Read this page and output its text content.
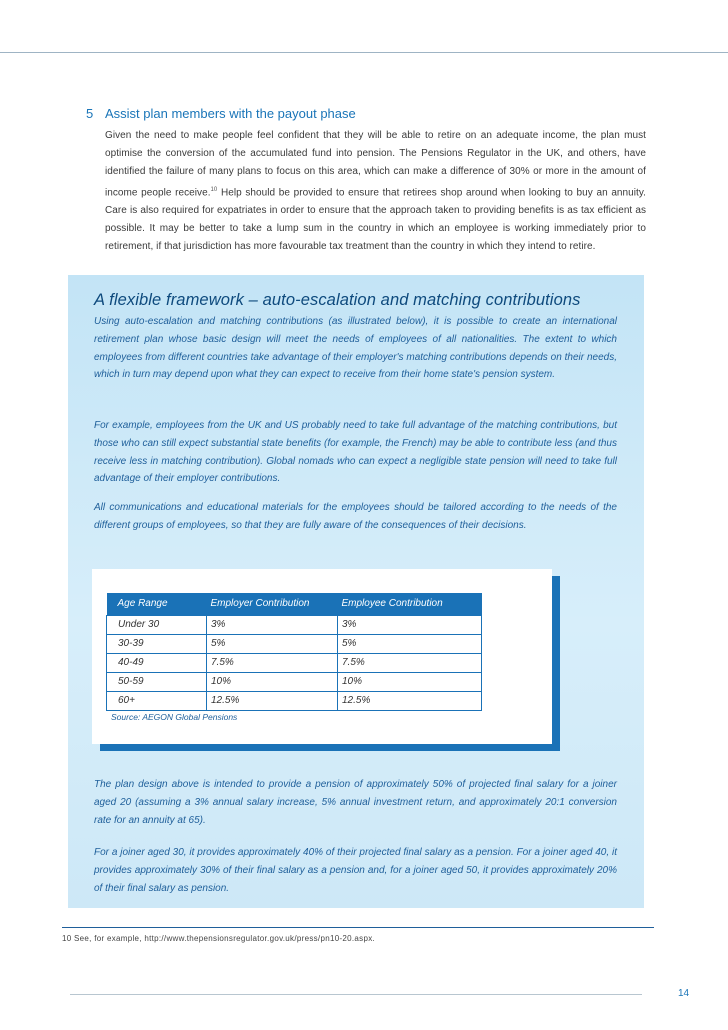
5 Assist plan members with the payout phase

Given the need to make people feel confident that they will be able to retire on an adequate income, the plan must optimise the conversion of the accumulated fund into pension. The Pensions Regulator in the UK, and others, have identified the failure of many plans to focus on this area, which can make a difference of 30% or more in the amount of income people receive.$^{10}$ Help should be provided to ensure that retirees shop around when looking to buy an annuity. Care is also required for expatriates in order to ensure that the approach taken to providing benefits is as tax efficient as possible. It may be better to take a lump sum in the country in which an employee is working immediately prior to retirement, if that jurisdiction has more favourable tax treatment than the country in which they intend to retire.

A flexible framework – auto-escalation and matching contributions

Using auto-escalation and matching contributions (as illustrated below), it is possible to create an international retirement plan whose basic design will meet the needs of employees of all nationalities. The extent to which employees from different countries take advantage of their employer's matching contributions depends on their needs, which in turn may depend upon what they can expect to receive from their home state's pension system.

For example, employees from the UK and US probably need to take full advantage of the matching contributions, but those who can still expect substantial state benefits (for example, the French) may be able to contribute less (and thus receive less in matching contribution). Global nomads who can expect a negligible state pension will need to take full advantage of their employer contributions.

All communications and educational materials for the employees should be tailored according to the needs of the different groups of employees, so that they are fully aware of the consequences of their decisions.

Age Range	Employer Contribution	Employee Contribution
Under 30	3%	3%
30-39	5%	5%
40-49	7.5%	7.5%
50-59	10%	10%
60+	12.5%	12.5%
Source: AEGON Global Pensions

The plan design above is intended to provide a pension of approximately 50% of projected final salary for a joiner aged 20 (assuming a 3% annual salary increase, 5% annual investment return, and approximately 20:1 conversion rate for an annuity at 65).

For a joiner aged 30, it provides approximately 40% of their projected final salary as a pension. For a joiner aged 40, it provides approximately 30% of their final salary as a pension and, for a joiner aged 50, it provides approximately 20% of their final salary as pension.

10 See, for example, http://www.thepensionsregulator.gov.uk/press/pn10-20.aspx.
14
